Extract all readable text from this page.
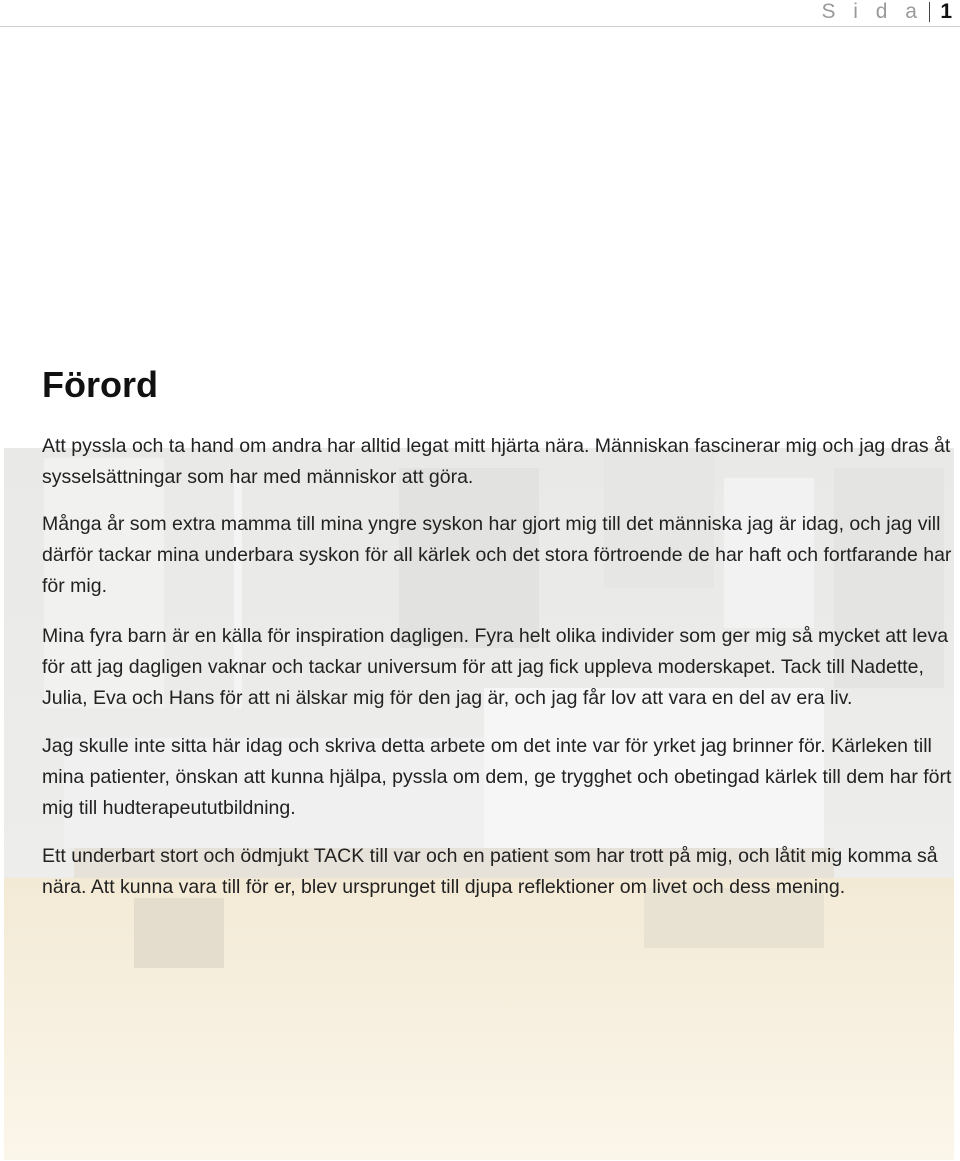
S i d a 1
Förord

Att pyssla och ta hand om andra har alltid legat mitt hjärta nära. Människan fascinerar mig och jag dras åt sysselsättningar som har med människor att göra.

Många år som extra mamma till mina yngre syskon har gjort mig till det människa jag är idag, och jag vill därför tackar mina underbara syskon för all kärlek och det stora förtroende de har haft och fortfarande har för mig.

Mina fyra barn är en källa för inspiration dagligen. Fyra helt olika individer som ger mig så mycket att leva för att jag dagligen vaknar och tackar universum för att jag fick uppleva moderskapet. Tack till Nadette, Julia, Eva och Hans för att ni älskar mig för den jag är, och jag får lov att vara en del av era liv.

Jag skulle inte sitta här idag och skriva detta arbete om det inte var för yrket jag brinner för. Kärleken till mina patienter, önskan att kunna hjälpa, pyssla om dem, ge trygghet och obetingad kärlek till dem har fört mig till hudterapeututbildning.

Ett underbart stort och ödmjukt TACK till var och en patient som har trott på mig, och låtit mig komma så nära. Att kunna vara till för er, blev ursprunget till djupa reflektioner om livet och dess mening.
